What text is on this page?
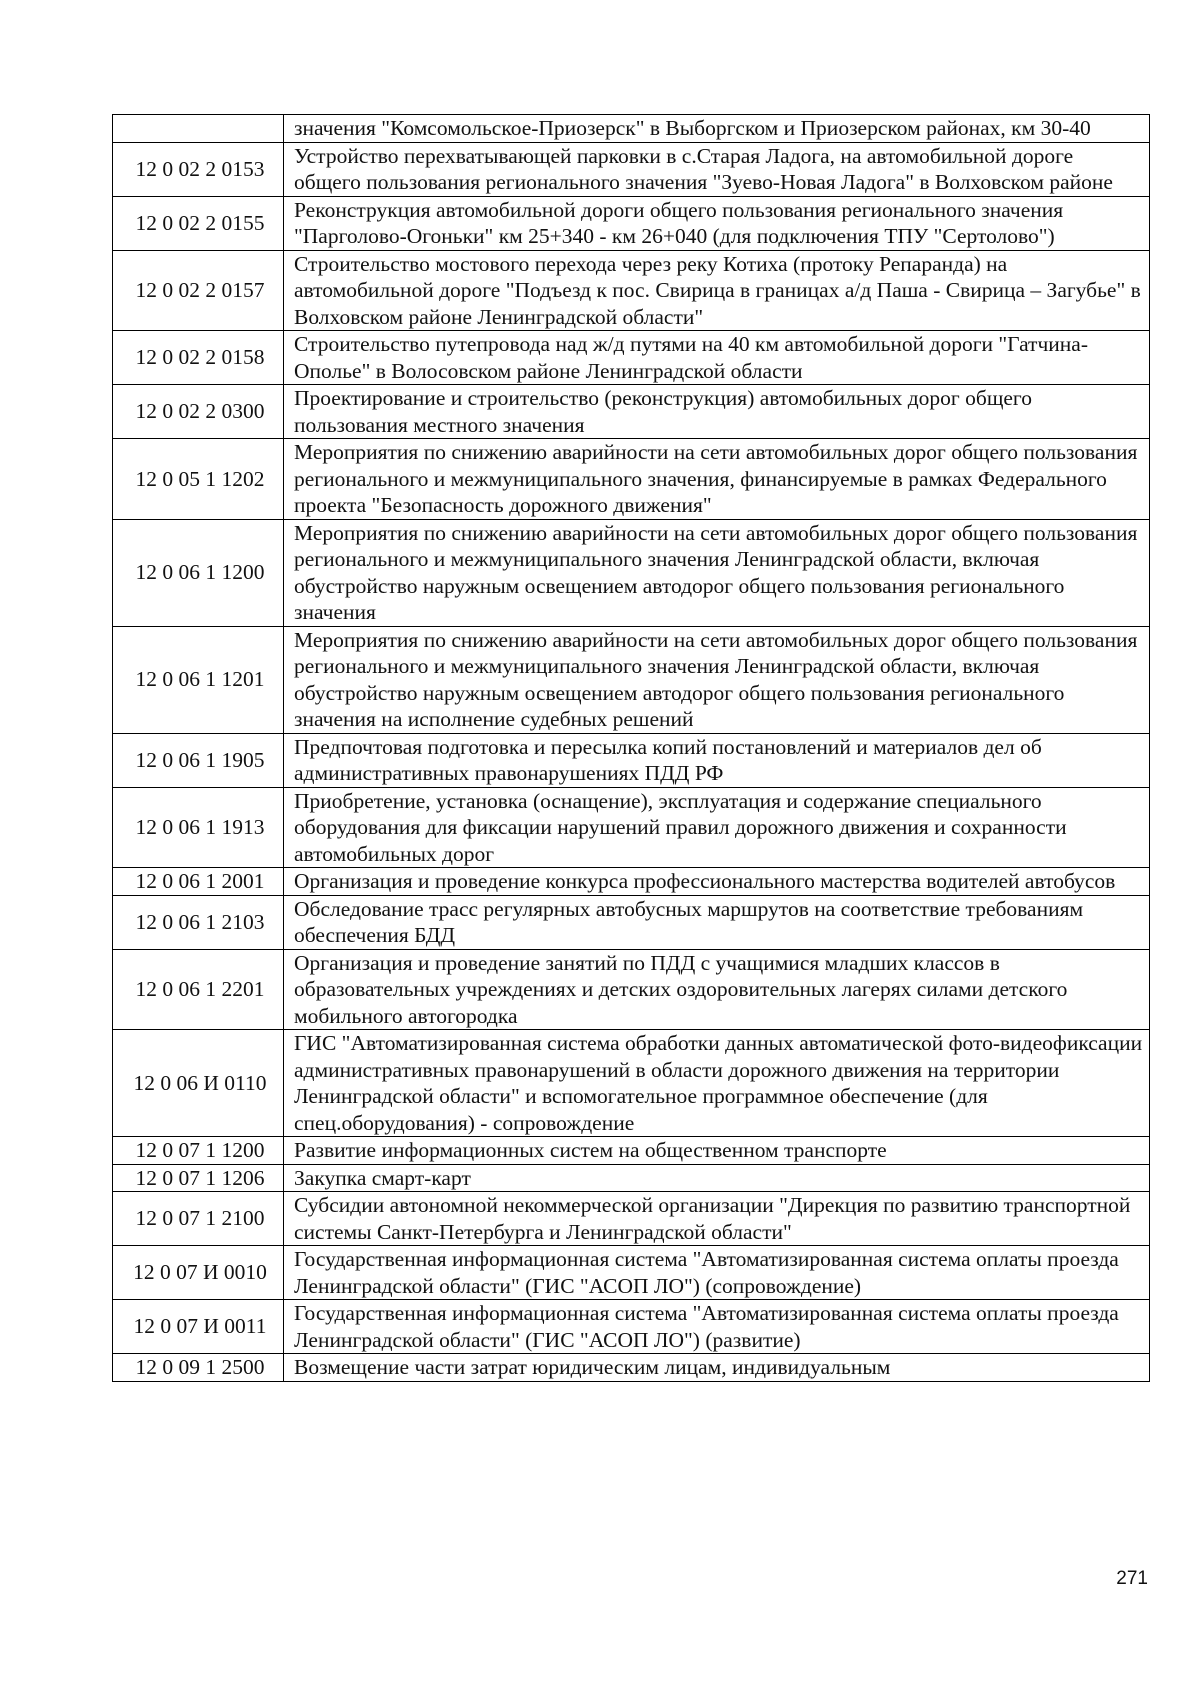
	значения "Комсомольское-Приозерск" в Выборгском и Приозерском районах, км 30-40
12 0 02 2 0153	Устройство перехватывающей парковки в с.Старая Ладога, на автомобильной дороге общего пользования регионального значения "Зуево-Новая Ладога" в Волховском районе
12 0 02 2 0155	Реконструкция автомобильной дороги общего пользования регионального значения "Парголово-Огоньки" км 25+340 - км 26+040 (для подключения ТПУ "Сертолово")
12 0 02 2 0157	Строительство мостового перехода через реку Котиха (протоку Репаранда) на автомобильной дороге "Подъезд к пос. Свирица в границах а/д Паша - Свирица – Загубье" в Волховском районе Ленинградской области"
12 0 02 2 0158	Строительство путепровода над ж/д путями на 40 км автомобильной дороги "Гатчина-Ополье" в Волосовском районе Ленинградской области
12 0 02 2 0300	Проектирование и строительство (реконструкция) автомобильных дорог общего пользования местного значения
12 0 05 1 1202	Мероприятия по снижению аварийности на сети автомобильных дорог общего пользования регионального и межмуниципального значения, финансируемые в рамках Федерального проекта "Безопасность дорожного движения"
12 0 06 1 1200	Мероприятия по снижению аварийности на сети автомобильных дорог общего пользования регионального и межмуниципального значения Ленинградской области, включая обустройство наружным освещением автодорог общего пользования регионального значения
12 0 06 1 1201	Мероприятия по снижению аварийности на сети автомобильных дорог общего пользования регионального и межмуниципального значения Ленинградской области, включая обустройство наружным освещением автодорог общего пользования регионального значения на исполнение судебных решений
12 0 06 1 1905	Предпочтовая подготовка и пересылка копий постановлений и материалов дел об административных правонарушениях ПДД РФ
12 0 06 1 1913	Приобретение, установка (оснащение), эксплуатация и содержание специального оборудования для фиксации нарушений правил дорожного движения и сохранности автомобильных дорог
12 0 06 1 2001	Организация и проведение конкурса профессионального мастерства водителей автобусов
12 0 06 1 2103	Обследование трасс регулярных автобусных маршрутов на соответствие требованиям обеспечения БДД
12 0 06 1 2201	Организация и проведение занятий по ПДД с учащимися младших классов в образовательных учреждениях и детских оздоровительных лагерях силами детского мобильного автогородка
12 0 06 И 0110	ГИС "Автоматизированная система обработки данных автоматической фото-видеофиксации административных правонарушений в области дорожного движения на территории Ленинградской области" и вспомогательное программное обеспечение (для спец.оборудования) - сопровождение
12 0 07 1 1200	Развитие информационных систем на общественном транспорте
12 0 07 1 1206	Закупка смарт-карт
12 0 07 1 2100	Субсидии автономной некоммерческой организации "Дирекция по развитию транспортной системы Санкт-Петербурга и Ленинградской области"
12 0 07 И 0010	Государственная информационная система "Автоматизированная система оплаты проезда Ленинградской области" (ГИС "АСОП ЛО") (сопровождение)
12 0 07 И 0011	Государственная информационная система "Автоматизированная система оплаты проезда Ленинградской области" (ГИС "АСОП ЛО") (развитие)
12 0 09 1 2500	Возмещение части затрат юридическим лицам, индивидуальным
271
